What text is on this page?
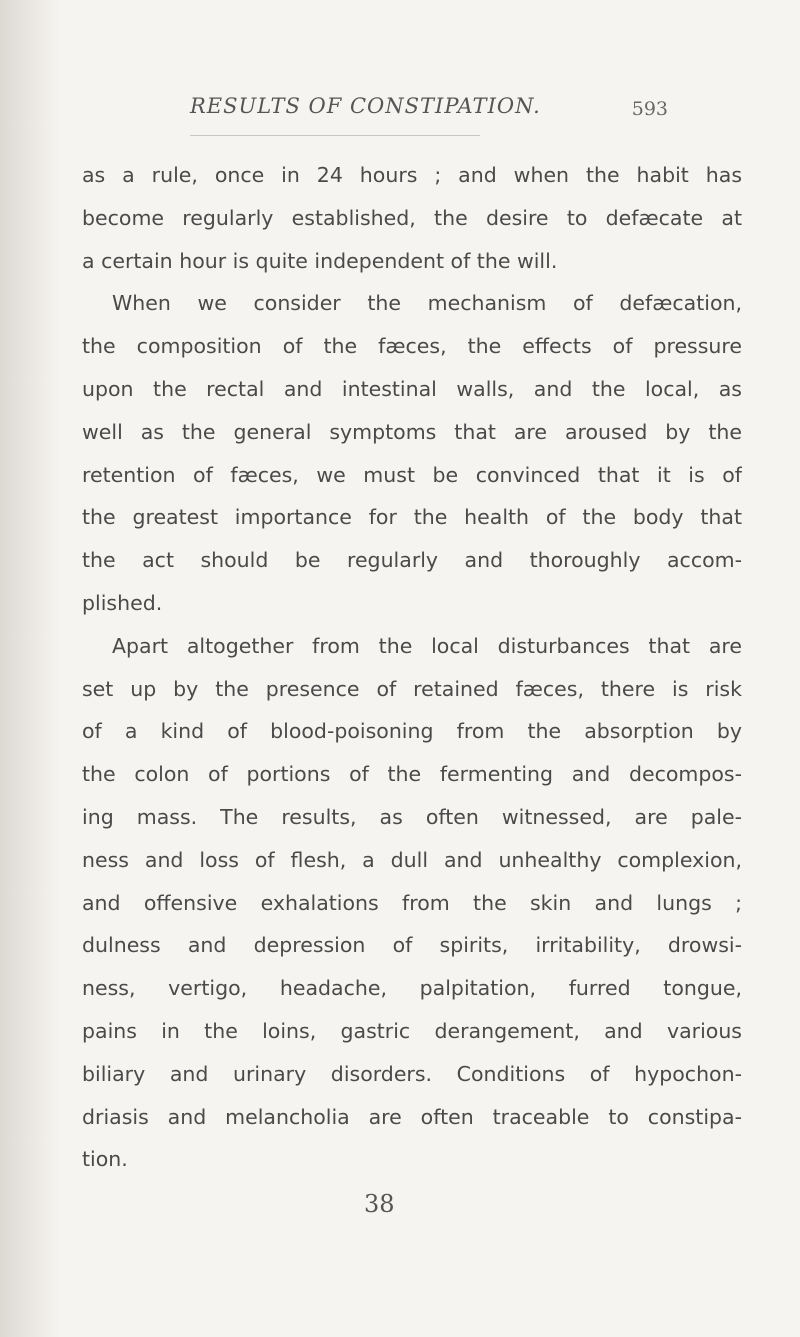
RESULTS OF CONSTIPATION.	593
as a rule, once in 24 hours ; and when the habit has
become regularly established, the desire to defæcate at
a certain hour is quite independent of the will.
When we consider the mechanism of defæcation,
the composition of the fæces, the effects of pressure
upon the rectal and intestinal walls, and the local, as
well as the general symptoms that are aroused by the
retention of fæces, we must be convinced that it is of
the greatest importance for the health of the body that
the act should be regularly and thoroughly accom-
plished.
Apart altogether from the local disturbances that are
set up by the presence of retained fæces, there is risk
of a kind of blood-poisoning from the absorption by
the colon of portions of the fermenting and decompos-
ing mass. The results, as often witnessed, are pale-
ness and loss of flesh, a dull and unhealthy complexion,
and offensive exhalations from the skin and lungs ;
dulness and depression of spirits, irritability, drowsi-
ness, vertigo, headache, palpitation, furred tongue,
pains in the loins, gastric derangement, and various
biliary and urinary disorders. Conditions of hypochon-
driasis and melancholia are often traceable to constipa-
tion.
38
